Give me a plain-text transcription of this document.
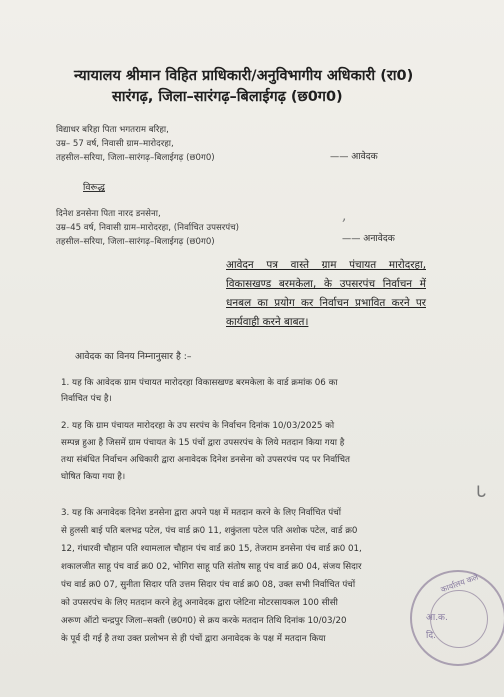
न्यायालय श्रीमान विहित प्राधिकारी/अनुविभागीय अधिकारी (रा0)
सारंगढ़, जिला–सारंगढ़–बिलाईगढ़ (छ0ग0)
विद्याधर बरिहा पिता भगतराम बरिहा,
उम्र– 57 वर्ष, निवासी ग्राम–मारोदरहा,
तहसील–सरिया, जिला–सारंगढ़–बिलाईगढ़ (छ0ग0)	—— आवेदक
विरूद्ध
दिनेश डनसेना पिता नारद डनसेना,
उम्र–45 वर्ष, निवासी ग्राम–मारोदरहा, (निर्वाचित उपसरपंच)
तहसील–सरिया, जिला–सारंगढ़–बिलाईगढ़ (छ0ग0)	—— अनावेदक
आवेदन पत्र वास्ते ग्राम पंचायत मारोदरहा, विकासखण्ड बरमकेला, के उपसरपंच निर्वाचन में धनबल का प्रयोग कर निर्वाचन प्रभावित करने पर कार्यवाही करने बाबत।
आवेदक का विनय निम्नानुसार है :–
1. यह कि आवेदक ग्राम पंचायत मारोदरहा विकासखण्ड बरमकेला के वार्ड क्रमांक 06 का
निर्वाचित पंच है।
2. यह कि ग्राम पंचायत मारोदरहा के उप सरपंच के निर्वाचन दिनांक 10/03/2025 को
सम्पन्न हुआ है जिसमें ग्राम पंचायत के 15 पंचों द्वारा उपसरपंच के लिये मतदान किया गया है
तथा संबंधित निर्वाचन अधिकारी द्वारा अनावेदक दिनेश डनसेना को उपसरपंच पद पर निर्वाचित
घोषित किया गया है।
3. यह कि अनावेदक दिनेश डनसेना द्वारा अपने पक्ष में मतदान करने के लिए निर्वाचित पंचों
से हुलसी बाई पति बलभद्र पटेल, पंच वार्ड क्र0 11, शकुंतला पटेल पति अशोक पटेल, वार्ड क्र0
12, गंधारवी चौहान पति श्यामलाल चौहान पंच वार्ड क्र0 15, तेजराम डनसेना पंच वार्ड क्र0 01,
शकालजीत साहू पंच वार्ड क्र0 02, भोगिरा साहू पति संतोष साहू पंच वार्ड क्र0 04, संजय सिदार
पंच वार्ड क्र0 07, सुनीता सिदार पति उत्तम सिदार पंच वार्ड क्र0 08, उक्त सभी निर्वाचित पंचों
को उपसरपंच के लिए मतदान करने हेतु अनावेदक द्वारा प्लेटिना मोटरसायकल 100 सीसी
अरूण ऑटो चन्द्रपुर जिला–सक्ती (छ0ग0) से क्रय करके मतदान तिथि दिनांक 10/03/20
के पूर्व दी गई है तथा उक्त प्रलोभन से ही पंचों द्वारा अनावेदक के पक्ष में मतदान किया
कार्यालय कले
आ.क.
दि.
,
ᒐ
